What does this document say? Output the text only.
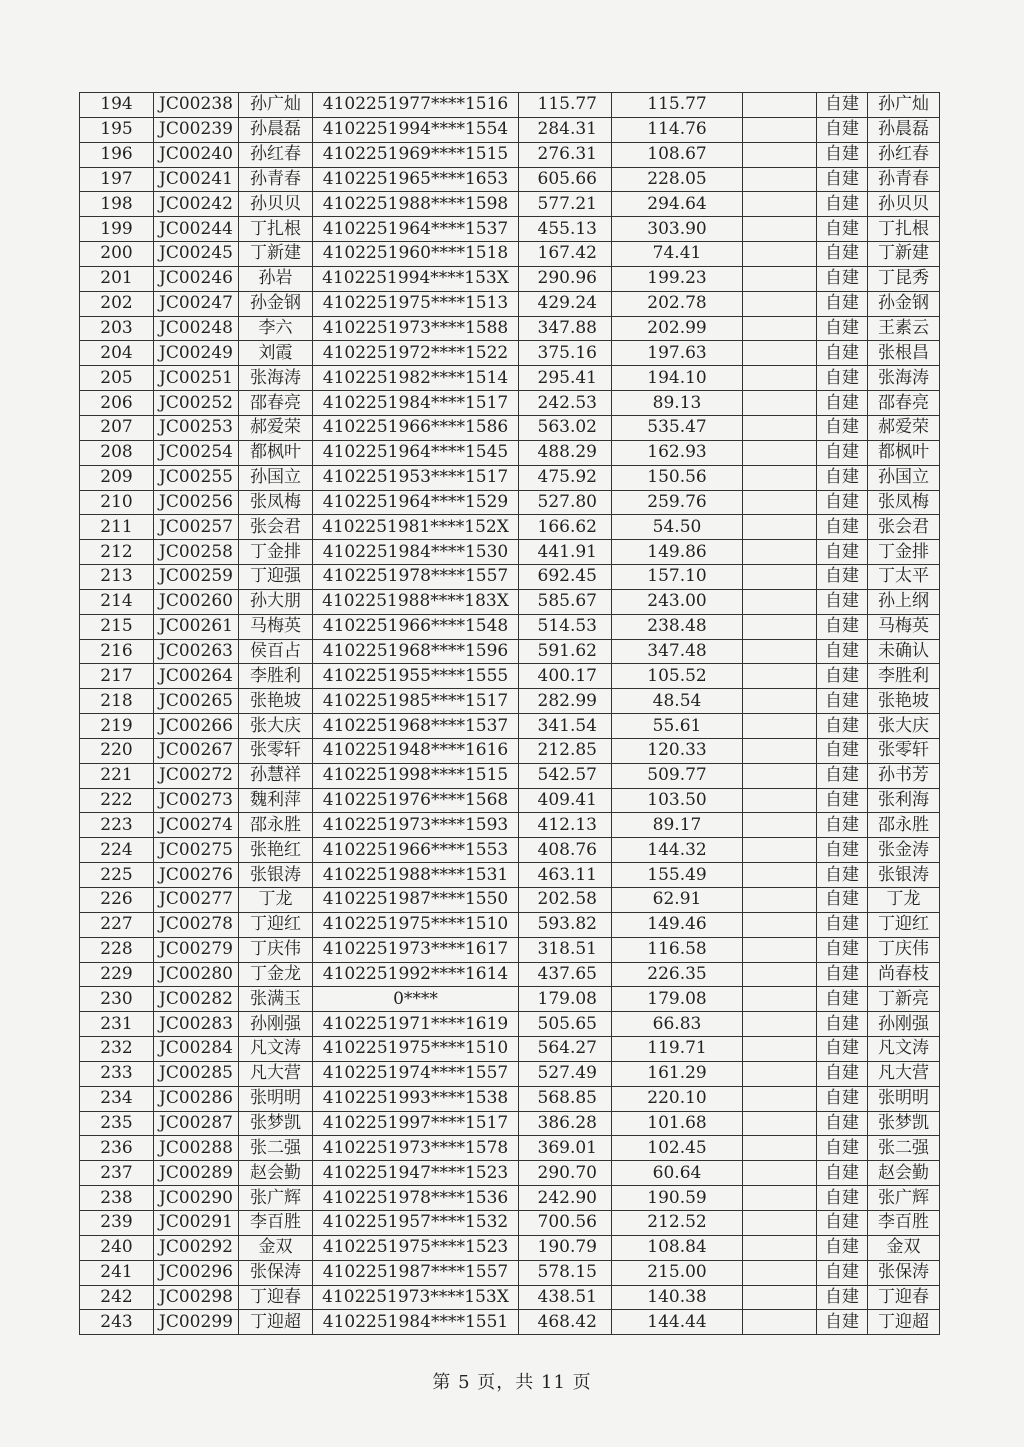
194	JC00238	孙广灿	4102251977****1516	115.77	115.77		自建	孙广灿
195	JC00239	孙晨磊	4102251994****1554	284.31	114.76		自建	孙晨磊
196	JC00240	孙红春	4102251969****1515	276.31	108.67		自建	孙红春
197	JC00241	孙青春	4102251965****1653	605.66	228.05		自建	孙青春
198	JC00242	孙贝贝	4102251988****1598	577.21	294.64		自建	孙贝贝
199	JC00244	丁扎根	4102251964****1537	455.13	303.90		自建	丁扎根
200	JC00245	丁新建	4102251960****1518	167.42	74.41		自建	丁新建
201	JC00246	孙岩	4102251994****153X	290.96	199.23		自建	丁昆秀
202	JC00247	孙金钢	4102251975****1513	429.24	202.78		自建	孙金钢
203	JC00248	李六	4102251973****1588	347.88	202.99		自建	王素云
204	JC00249	刘霞	4102251972****1522	375.16	197.63		自建	张根昌
205	JC00251	张海涛	4102251982****1514	295.41	194.10		自建	张海涛
206	JC00252	邵春亮	4102251984****1517	242.53	89.13		自建	邵春亮
207	JC00253	郝爱荣	4102251966****1586	563.02	535.47		自建	郝爱荣
208	JC00254	都枫叶	4102251964****1545	488.29	162.93		自建	都枫叶
209	JC00255	孙国立	4102251953****1517	475.92	150.56		自建	孙国立
210	JC00256	张凤梅	4102251964****1529	527.80	259.76		自建	张凤梅
211	JC00257	张会君	4102251981****152X	166.62	54.50		自建	张会君
212	JC00258	丁金排	4102251984****1530	441.91	149.86		自建	丁金排
213	JC00259	丁迎强	4102251978****1557	692.45	157.10		自建	丁太平
214	JC00260	孙大朋	4102251988****183X	585.67	243.00		自建	孙上纲
215	JC00261	马梅英	4102251966****1548	514.53	238.48		自建	马梅英
216	JC00263	侯百占	4102251968****1596	591.62	347.48		自建	未确认
217	JC00264	李胜利	4102251955****1555	400.17	105.52		自建	李胜利
218	JC00265	张艳坡	4102251985****1517	282.99	48.54		自建	张艳坡
219	JC00266	张大庆	4102251968****1537	341.54	55.61		自建	张大庆
220	JC00267	张零轩	4102251948****1616	212.85	120.33		自建	张零轩
221	JC00272	孙慧祥	4102251998****1515	542.57	509.77		自建	孙书芳
222	JC00273	魏利萍	4102251976****1568	409.41	103.50		自建	张利海
223	JC00274	邵永胜	4102251973****1593	412.13	89.17		自建	邵永胜
224	JC00275	张艳红	4102251966****1553	408.76	144.32		自建	张金涛
225	JC00276	张银涛	4102251988****1531	463.11	155.49		自建	张银涛
226	JC00277	丁龙	4102251987****1550	202.58	62.91		自建	丁龙
227	JC00278	丁迎红	4102251975****1510	593.82	149.46		自建	丁迎红
228	JC00279	丁庆伟	4102251973****1617	318.51	116.58		自建	丁庆伟
229	JC00280	丁金龙	4102251992****1614	437.65	226.35		自建	尚春枝
230	JC00282	张满玉	0****	179.08	179.08		自建	丁新亮
231	JC00283	孙刚强	4102251971****1619	505.65	66.83		自建	孙刚强
232	JC00284	凡文涛	4102251975****1510	564.27	119.71		自建	凡文涛
233	JC00285	凡大营	4102251974****1557	527.49	161.29		自建	凡大营
234	JC00286	张明明	4102251993****1538	568.85	220.10		自建	张明明
235	JC00287	张梦凯	4102251997****1517	386.28	101.68		自建	张梦凯
236	JC00288	张二强	4102251973****1578	369.01	102.45		自建	张二强
237	JC00289	赵会勤	4102251947****1523	290.70	60.64		自建	赵会勤
238	JC00290	张广辉	4102251978****1536	242.90	190.59		自建	张广辉
239	JC00291	李百胜	4102251957****1532	700.56	212.52		自建	李百胜
240	JC00292	金双	4102251975****1523	190.79	108.84		自建	金双
241	JC00296	张保涛	4102251987****1557	578.15	215.00		自建	张保涛
242	JC00298	丁迎春	4102251973****153X	438.51	140.38		自建	丁迎春
243	JC00299	丁迎超	4102251984****1551	468.42	144.44		自建	丁迎超
第 5 页，共 11 页
